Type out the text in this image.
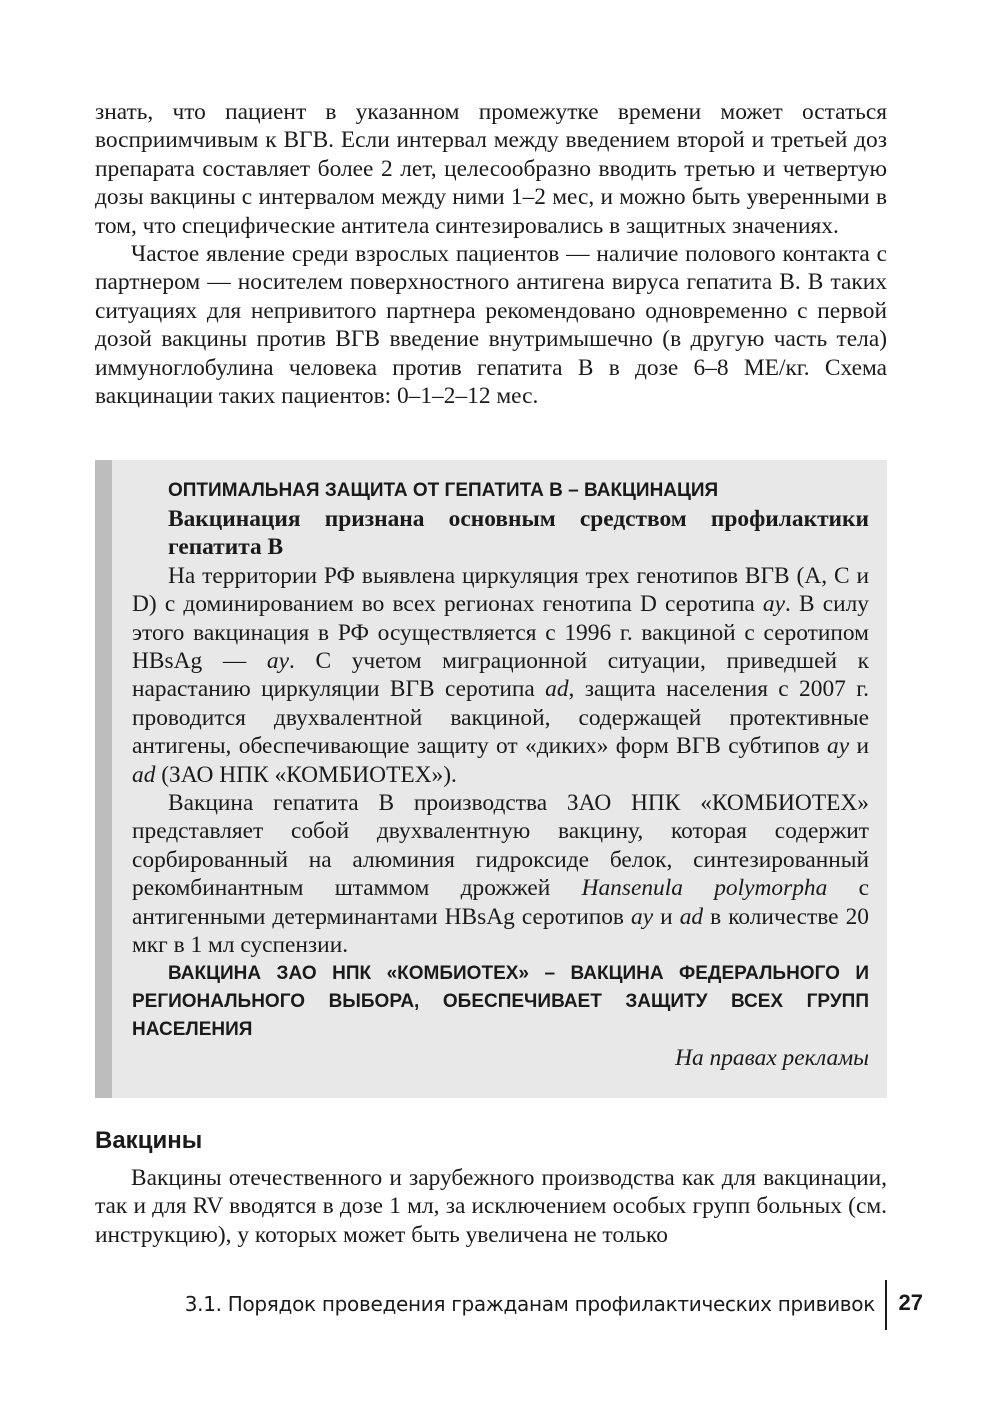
знать, что пациент в указанном промежутке времени может остаться восприимчивым к ВГВ. Если интервал между введением второй и третьей доз препарата составляет более 2 лет, целесообразно вводить третью и четвертую дозы вакцины с интервалом между ними 1–2 мес, и можно быть уверенными в том, что специфические антитела синтезировались в защитных значениях.

Частое явление среди взрослых пациентов — наличие полового контакта с партнером — носителем поверхностного антигена вируса гепатита B. В таких ситуациях для непривитого партнера рекомендовано одновременно с первой дозой вакцины против ВГВ введение внутримышечно (в другую часть тела) иммуноглобулина человека против гепатита B в дозе 6–8 МЕ/кг. Схема вакцинации таких пациентов: 0–1–2–12 мес.

ОПТИМАЛЬНАЯ ЗАЩИТА ОТ ГЕПАТИТА В – ВАКЦИНАЦИЯ

Вакцинация признана основным средством профилактики гепатита В

На территории РФ выявлена циркуляция трех генотипов ВГВ (A, C и D) с доминированием во всех регионах генотипа D серотипа ay. В силу этого вакцинация в РФ осуществляется с 1996 г. вакциной с серотипом HBsAg — ay. С учетом миграционной ситуации, приведшей к нарастанию циркуляции ВГВ серотипа ad, защита населения с 2007 г. проводится двухвалентной вакциной, содержащей протективные антигены, обеспечивающие защиту от «диких» форм ВГВ субтипов ay и ad (ЗАО НПК «КОМБИОТЕХ»).

Вакцина гепатита В производства ЗАО НПК «КОМБИОТЕХ» представляет собой двухвалентную вакцину, которая содержит сорбированный на алюминия гидроксиде белок, синтезированный рекомбинантным штаммом дрожжей Hansenula polymorpha с антигенными детерминантами HBsAg серотипов ay и ad в количестве 20 мкг в 1 мл суспензии.

ВАКЦИНА ЗАО НПК «КОМБИОТЕХ» – ВАКЦИНА ФЕДЕРАЛЬНОГО И РЕГИОНАЛЬНОГО ВЫБОРА, ОБЕСПЕЧИВАЕТ ЗАЩИТУ ВСЕХ ГРУПП НАСЕЛЕНИЯ

На правах рекламы

Вакцины

Вакцины отечественного и зарубежного производства как для вакцинации, так и для RV вводятся в дозе 1 мл, за исключением особых групп больных (см. инструкцию), у которых может быть увеличена не только

3.1. Порядок проведения гражданам профилактических прививок 27
